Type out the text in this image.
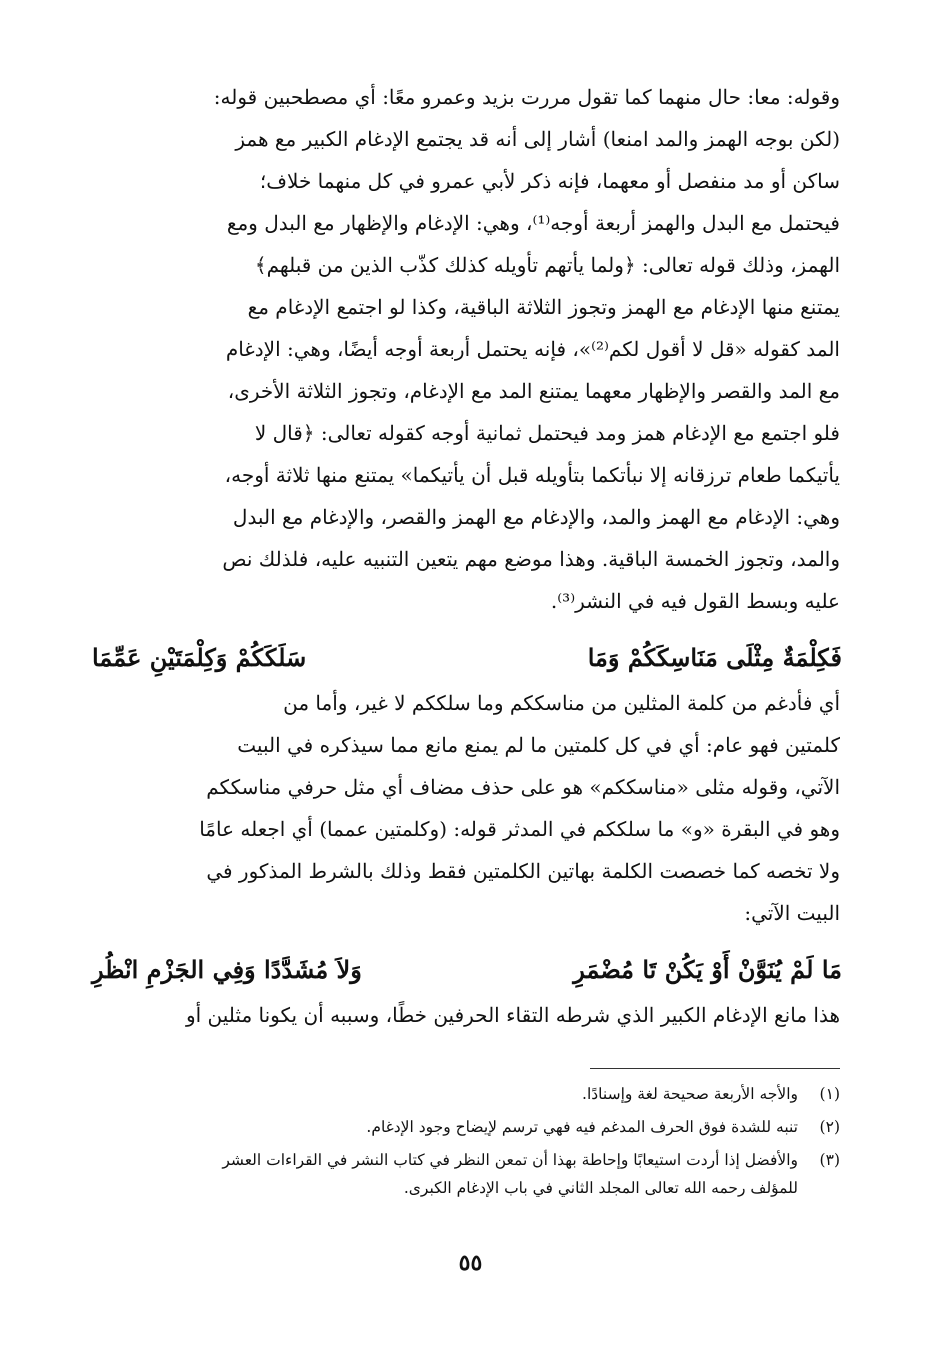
وقوله: معا: حال منهما كما تقول مررت بزيد وعمرو معًا: أي مصطحبين قوله:
(لكن بوجه الهمز والمد امنعا) أشار إلى أنه قد يجتمع الإدغام الكبير مع همز
ساكن أو مد منفصل أو معهما، فإنه ذكر لأبي عمرو في كل منهما خلاف؛
فيحتمل مع البدل والهمز أربعة أوجه⁽¹⁾، وهي: الإدغام والإظهار مع البدل ومع
الهمز، وذلك قوله تعالى: ﴿ولما يأتهم تأويله كذلك كذّب الذين من قبلهم﴾
يمتنع منها الإدغام مع الهمز وتجوز الثلاثة الباقية، وكذا لو اجتمع الإدغام مع
المد كقوله «قل لا أقول لكم⁽²⁾»، فإنه يحتمل أربعة أوجه أيضًا، وهي: الإدغام
مع المد والقصر والإظهار معهما يمتنع المد مع الإدغام، وتجوز الثلاثة الأخرى،
فلو اجتمع مع الإدغام همز ومد فيحتمل ثمانية أوجه كقوله تعالى: ﴿قال لا
يأتيكما طعام ترزقانه إلا نبأتكما بتأويله قبل أن يأتيكما» يمتنع منها ثلاثة أوجه،
وهي: الإدغام مع الهمز والمد، والإدغام مع الهمز والقصر، والإدغام مع البدل
والمد، وتجوز الخمسة الباقية. وهذا موضع مهم يتعين التنبيه عليه، فلذلك نص
عليه وبسط القول فيه في النشر⁽³⁾.
فَكِلْمَةٌ مِثْلَى مَنَاسِكَكُمْ وَمَا
سَلَكَكُمْ وَكِلْمَتَيْنِ عَمِّمَا
أي فأدغم من كلمة المثلين من مناسككم وما سلككم لا غير، وأما من
كلمتين فهو عام: أي في كل كلمتين ما لم يمنع مانع مما سيذكره في البيت
الآتي، وقوله مثلى «مناسككم» هو على حذف مضاف أي مثل حرفي مناسككم
وهو في البقرة «و» ما سلككم في المدثر قوله: (وكلمتين عمما) أي اجعله عامًا
ولا تخصه كما خصصت الكلمة بهاتين الكلمتين فقط وذلك بالشرط المذكور في
البيت الآتي:
مَا لَمْ يُنَوَّنْ أَوْ يَكُنْ تَا مُضْمَرِ
وَلاَ مُشَدَّدًا وَفِي الجَزْمِ انْظُرِ
هذا مانع الإدغام الكبير الذي شرطه التقاء الحرفين خطًا، وسببه أن يكونا مثلين أو
(١)
والأجه الأربعة صحيحة لغة وإسنادًا.
(٢)
تنبه للشدة فوق الحرف المدغم فيه فهي ترسم لإيضاح وجود الإدغام.
(٣)
والأفضل إذا أردت استيعابًا وإحاطة بهذا أن تمعن النظر في كتاب النشر في القراءات العشر
للمؤلف رحمه الله تعالى المجلد الثاني في باب الإدغام الكبرى.
٥٥
